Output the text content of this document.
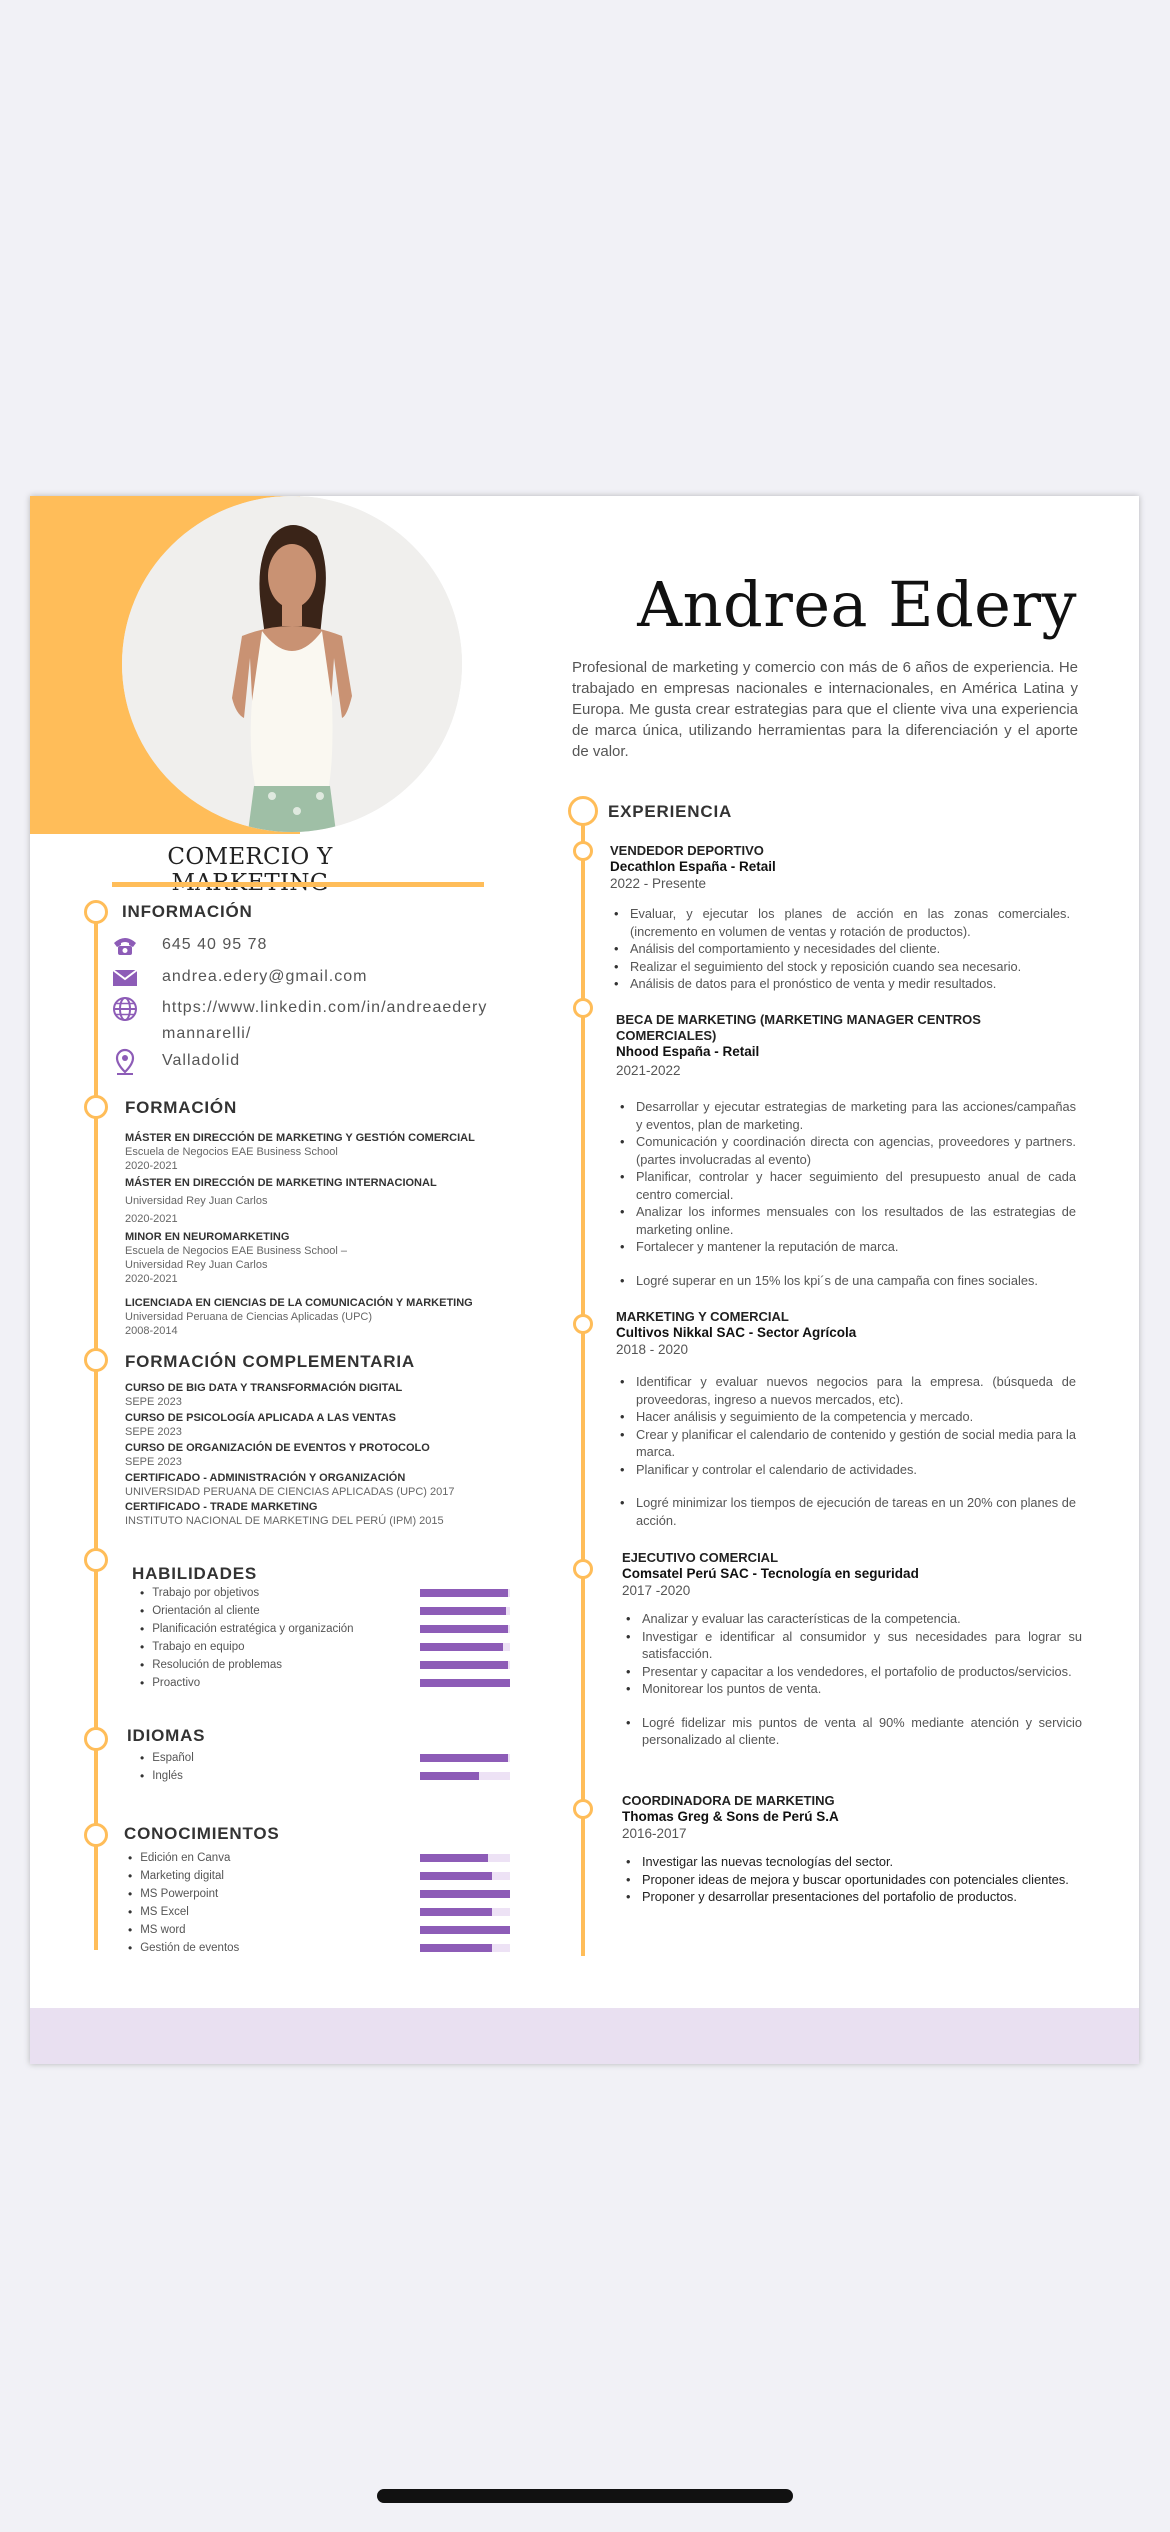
Andrea Edery

Profesional de marketing y comercio con más de 6 años de experiencia. He trabajado en empresas nacionales e internacionales, en América Latina y Europa. Me gusta crear estrategias para que el cliente viva una experiencia de marca única, utilizando herramientas para la diferenciación y el aporte de valor.

COMERCIO Y
INFORMACIÓN
645 40 95 78
andrea.edery@gmail.com
https://www.linkedin.com/in/andreaederymannarelli/
Valladolid
FORMACIÓN
MÁSTER EN DIRECCIÓN DE MARKETING Y GESTIÓN COMERCIAL
Escuela de Negocios EAE Business School
2020-2021
MÁSTER EN DIRECCIÓN DE MARKETING INTERNACIONAL
Universidad Rey Juan Carlos
2020-2021
MINOR EN NEUROMARKETING
Escuela de Negocios EAE Business School –
Universidad Rey Juan Carlos
2020-2021
LICENCIADA EN CIENCIAS DE LA COMUNICACIÓN Y MARKETING
Universidad Peruana de Ciencias Aplicadas (UPC)
2008-2014
FORMACIÓN COMPLEMENTARIA
CURSO DE BIG DATA Y TRANSFORMACIÓN DIGITAL
SEPE 2023
CURSO DE PSICOLOGÍA APLICADA A LAS VENTAS
SEPE 2023
CURSO DE ORGANIZACIÓN DE EVENTOS Y PROTOCOLO
SEPE 2023
CERTIFICADO - ADMINISTRACIÓN Y ORGANIZACIÓN
UNIVERSIDAD PERUANA DE CIENCIAS APLICADAS (UPC) 2017
CERTIFICADO - TRADE MARKETING
INSTITUTO NACIONAL DE MARKETING DEL PERÚ (IPM) 2015
HABILIDADES
• Trabajo por objetivos
• Orientación al cliente
• Planificación estratégica y organización
• Trabajo en equipo
• Resolución de problemas
• Proactivo
IDIOMAS
• Español
• Inglés
CONOCIMIENTOS
• Edición en Canva
• Marketing digital
• MS Powerpoint
• MS Excel
• MS word
• Gestión de eventos
EXPERIENCIA
VENDEDOR DEPORTIVO
Decathlon España - Retail
2022 - Presente
• Evaluar, y ejecutar los planes de acción en las zonas comerciales. (incremento en volumen de ventas y rotación de productos).
• Análisis del comportamiento y necesidades del cliente.
• Realizar el seguimiento del stock y reposición cuando sea necesario.
• Análisis de datos para el pronóstico de venta y medir resultados.
BECA DE MARKETING (MARKETING MANAGER CENTROS COMERCIALES)
Nhood España - Retail
2021-2022
• Desarrollar y ejecutar estrategias de marketing para las acciones/campañas y eventos, plan de marketing.
• Comunicación y coordinación directa con agencias, proveedores y partners. (partes involucradas al evento)
• Planificar, controlar y hacer seguimiento del presupuesto anual de cada centro comercial.
• Analizar los informes mensuales con los resultados de las estrategias de marketing online.
• Fortalecer y mantener la reputación de marca.
• Logré superar en un 15% los kpi´s de una campaña con fines sociales.
MARKETING Y COMERCIAL
Cultivos Nikkal SAC - Sector Agrícola
2018 - 2020
• Identificar y evaluar nuevos negocios para la empresa. (búsqueda de proveedoras, ingreso a nuevos mercados, etc).
• Hacer análisis y seguimiento de la competencia y mercado.
• Crear y planificar el calendario de contenido y gestión de social media para la marca.
• Planificar y controlar el calendario de actividades.
• Logré minimizar los tiempos de ejecución de tareas en un 20% con planes de acción.
EJECUTIVO COMERCIAL
Comsatel Perú SAC - Tecnología en seguridad
2017 -2020
• Analizar y evaluar las características de la competencia.
• Investigar e identificar al consumidor y sus necesidades para lograr su satisfacción.
• Presentar y capacitar a los vendedores, el portafolio de productos/servicios.
• Monitorear los puntos de venta.
• Logré fidelizar mis puntos de venta al 90% mediante atención y servicio personalizado al cliente.
COORDINADORA DE MARKETING
Thomas Greg & Sons de Perú S.A
2016-2017
• Investigar las nuevas tecnologías del sector.
• Proponer ideas de mejora y buscar oportunidades con potenciales clientes.
• Proponer y desarrollar presentaciones del portafolio de productos.
